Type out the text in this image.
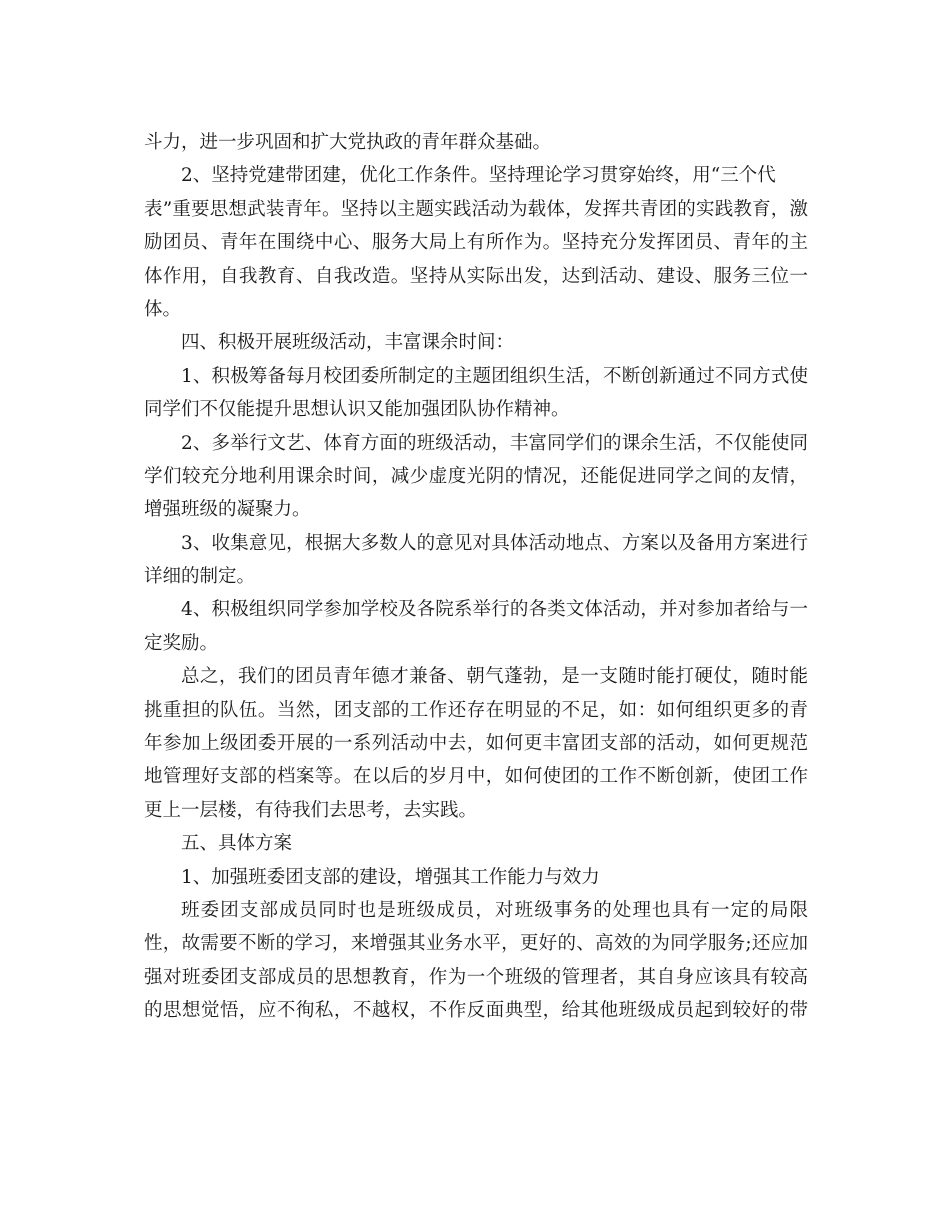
斗力，进一步巩固和扩大党执政的青年群众基础。
2、坚持党建带团建，优化工作条件。坚持理论学习贯穿始终，用“三个代
表”重要思想武装青年。坚持以主题实践活动为载体，发挥共青团的实践教育，激
励团员、青年在围绕中心、服务大局上有所作为。坚持充分发挥团员、青年的主
体作用，自我教育、自我改造。坚持从实际出发，达到活动、建设、服务三位一
体。
四、积极开展班级活动，丰富课余时间：
1、积极筹备每月校团委所制定的主题团组织生活，不断创新通过不同方式使
同学们不仅能提升思想认识又能加强团队协作精神。
2、多举行文艺、体育方面的班级活动，丰富同学们的课余生活，不仅能使同
学们较充分地利用课余时间，减少虚度光阴的情况，还能促进同学之间的友情，
增强班级的凝聚力。
3、收集意见，根据大多数人的意见对具体活动地点、方案以及备用方案进行
详细的制定。
4、积极组织同学参加学校及各院系举行的各类文体活动，并对参加者给与一
定奖励。
总之，我们的团员青年德才兼备、朝气蓬勃，是一支随时能打硬仗，随时能
挑重担的队伍。当然，团支部的工作还存在明显的不足，如：如何组织更多的青
年参加上级团委开展的一系列活动中去，如何更丰富团支部的活动，如何更规范
地管理好支部的档案等。在以后的岁月中，如何使团的工作不断创新，使团工作
更上一层楼，有待我们去思考，去实践。
五、具体方案
1、加强班委团支部的建设，增强其工作能力与效力
班委团支部成员同时也是班级成员，对班级事务的处理也具有一定的局限
性，故需要不断的学习，来增强其业务水平，更好的、高效的为同学服务;还应加
强对班委团支部成员的思想教育，作为一个班级的管理者，其自身应该具有较高
的思想觉悟，应不徇私，不越权，不作反面典型，给其他班级成员起到较好的带
